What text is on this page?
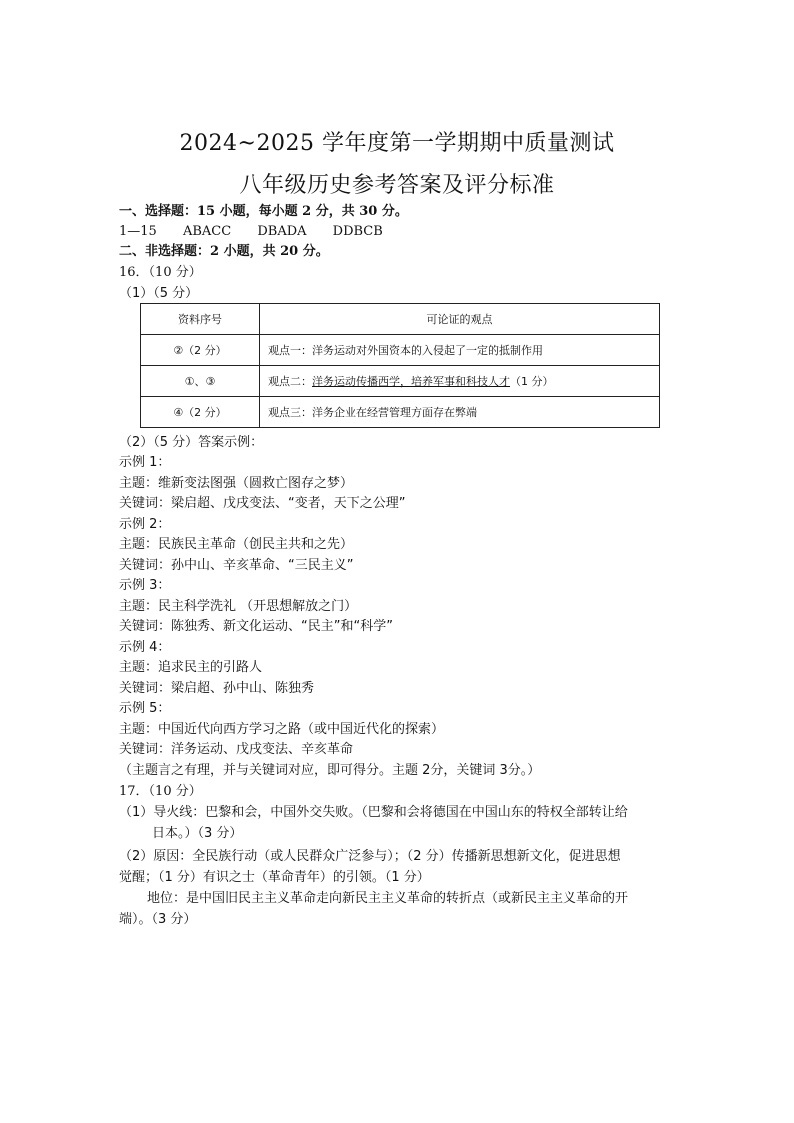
2024~2025 学年度第一学期期中质量测试
八年级历史参考答案及评分标准
一、选择题：15 小题，每小题 2 分，共 30 分。
1—15 ABACC DBADA DDBCB
二、非选择题：2 小题，共 20 分。
16．（10 分）
（1）（5 分）
资料序号	可论证的观点
②（2 分）	观点一：洋务运动对外国资本的入侵起了一定的抵制作用
①、③	观点二：洋务运动传播西学，培养军事和科技人才（1 分）
④（2 分）	观点三：洋务企业在经营管理方面存在弊端
（2）（5 分）答案示例：
示例 1：
主题：维新变法图强（圆救亡图存之梦）
关键词：梁启超、戊戌变法、“变者，天下之公理”
示例 2：
主题：民族民主革命（创民主共和之先）
关键词：孙中山、辛亥革命、“三民主义”
示例 3：
主题：民主科学洗礼 （开思想解放之门）
关键词：陈独秀、新文化运动、“民主”和“科学”
示例 4：
主题：追求民主的引路人
关键词：梁启超、孙中山、陈独秀
示例 5：
主题：中国近代向西方学习之路（或中国近代化的探索）
关键词：洋务运动、戊戌变法、辛亥革命
（主题言之有理，并与关键词对应，即可得分。主题 2分，关键词 3分。）
17．（10 分）
（1）导火线：巴黎和会，中国外交失败。（巴黎和会将德国在中国山东的特权全部转让给
日本。）（3 分）
（2）原因：全民族行动（或人民群众广泛参与）；（2 分）传播新思想新文化，促进思想
觉醒；（1 分）有识之士（革命青年）的引领。（1 分）
地位：是中国旧民主主义革命走向新民主主义革命的转折点（或新民主主义革命的开
端）。（3 分）
